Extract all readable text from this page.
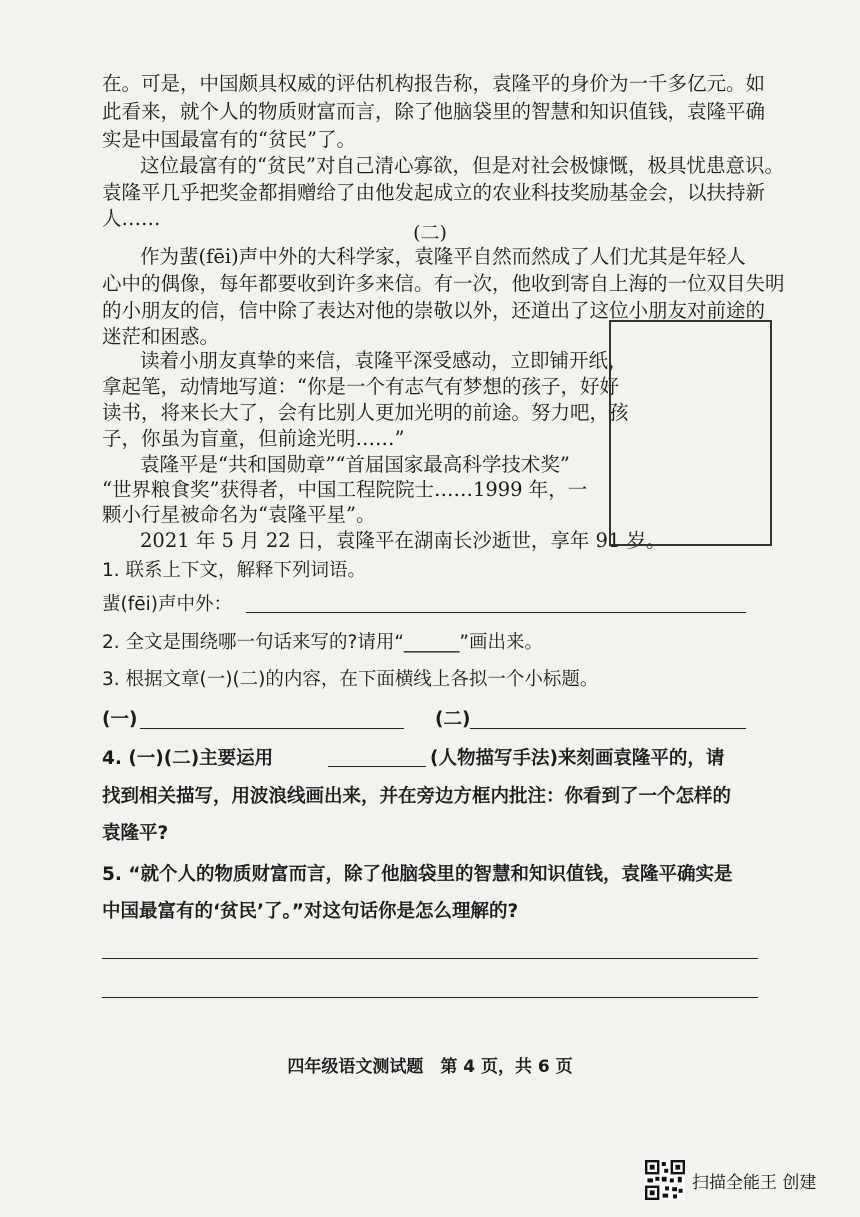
在。可是，中国颇具权威的评估机构报告称，袁隆平的身价为一千多亿元。如
此看来，就个人的物质财富而言，除了他脑袋里的智慧和知识值钱，袁隆平确
实是中国最富有的“贫民”了。
这位最富有的“贫民”对自己清心寡欲，但是对社会极慷慨，极具忧患意识。
袁隆平几乎把奖金都捐赠给了由他发起成立的农业科技奖励基金会，以扶持新
人……
(二)
作为蜚(fēi)声中外的大科学家，袁隆平自然而然成了人们尤其是年轻人
心中的偶像，每年都要收到许多来信。有一次，他收到寄自上海的一位双目失明
的小朋友的信，信中除了表达对他的崇敬以外，还道出了这位小朋友对前途的
迷茫和困惑。
读着小朋友真挚的来信，袁隆平深受感动，立即铺开纸，
拿起笔，动情地写道：“你是一个有志气有梦想的孩子，好好
读书，将来长大了，会有比别人更加光明的前途。努力吧，孩
子，你虽为盲童，但前途光明……”
袁隆平是“共和国勋章”“首届国家最高科学技术奖”
“世界粮食奖”获得者，中国工程院院士……1999 年，一
颗小行星被命名为“袁隆平星”。
2021 年 5 月 22 日，袁隆平在湖南长沙逝世，享年 91 岁。
1. 联系上下文，解释下列词语。
蜚(fēi)声中外：
2. 全文是围绕哪一句话来写的?请用“______”画出来。
3. 根据文章(一)(二)的内容，在下面横线上各拟一个小标题。
(一)	(二)
4. (一)(二)主要运用	(人物描写手法)来刻画袁隆平的，请
找到相关描写，用波浪线画出来，并在旁边方框内批注：你看到了一个怎样的
袁隆平?
5. “就个人的物质财富而言，除了他脑袋里的智慧和知识值钱，袁隆平确实是
中国最富有的‘贫民’了。”对这句话你是怎么理解的?
四年级语文测试题　第 4 页，共 6 页
扫描全能王 创建
